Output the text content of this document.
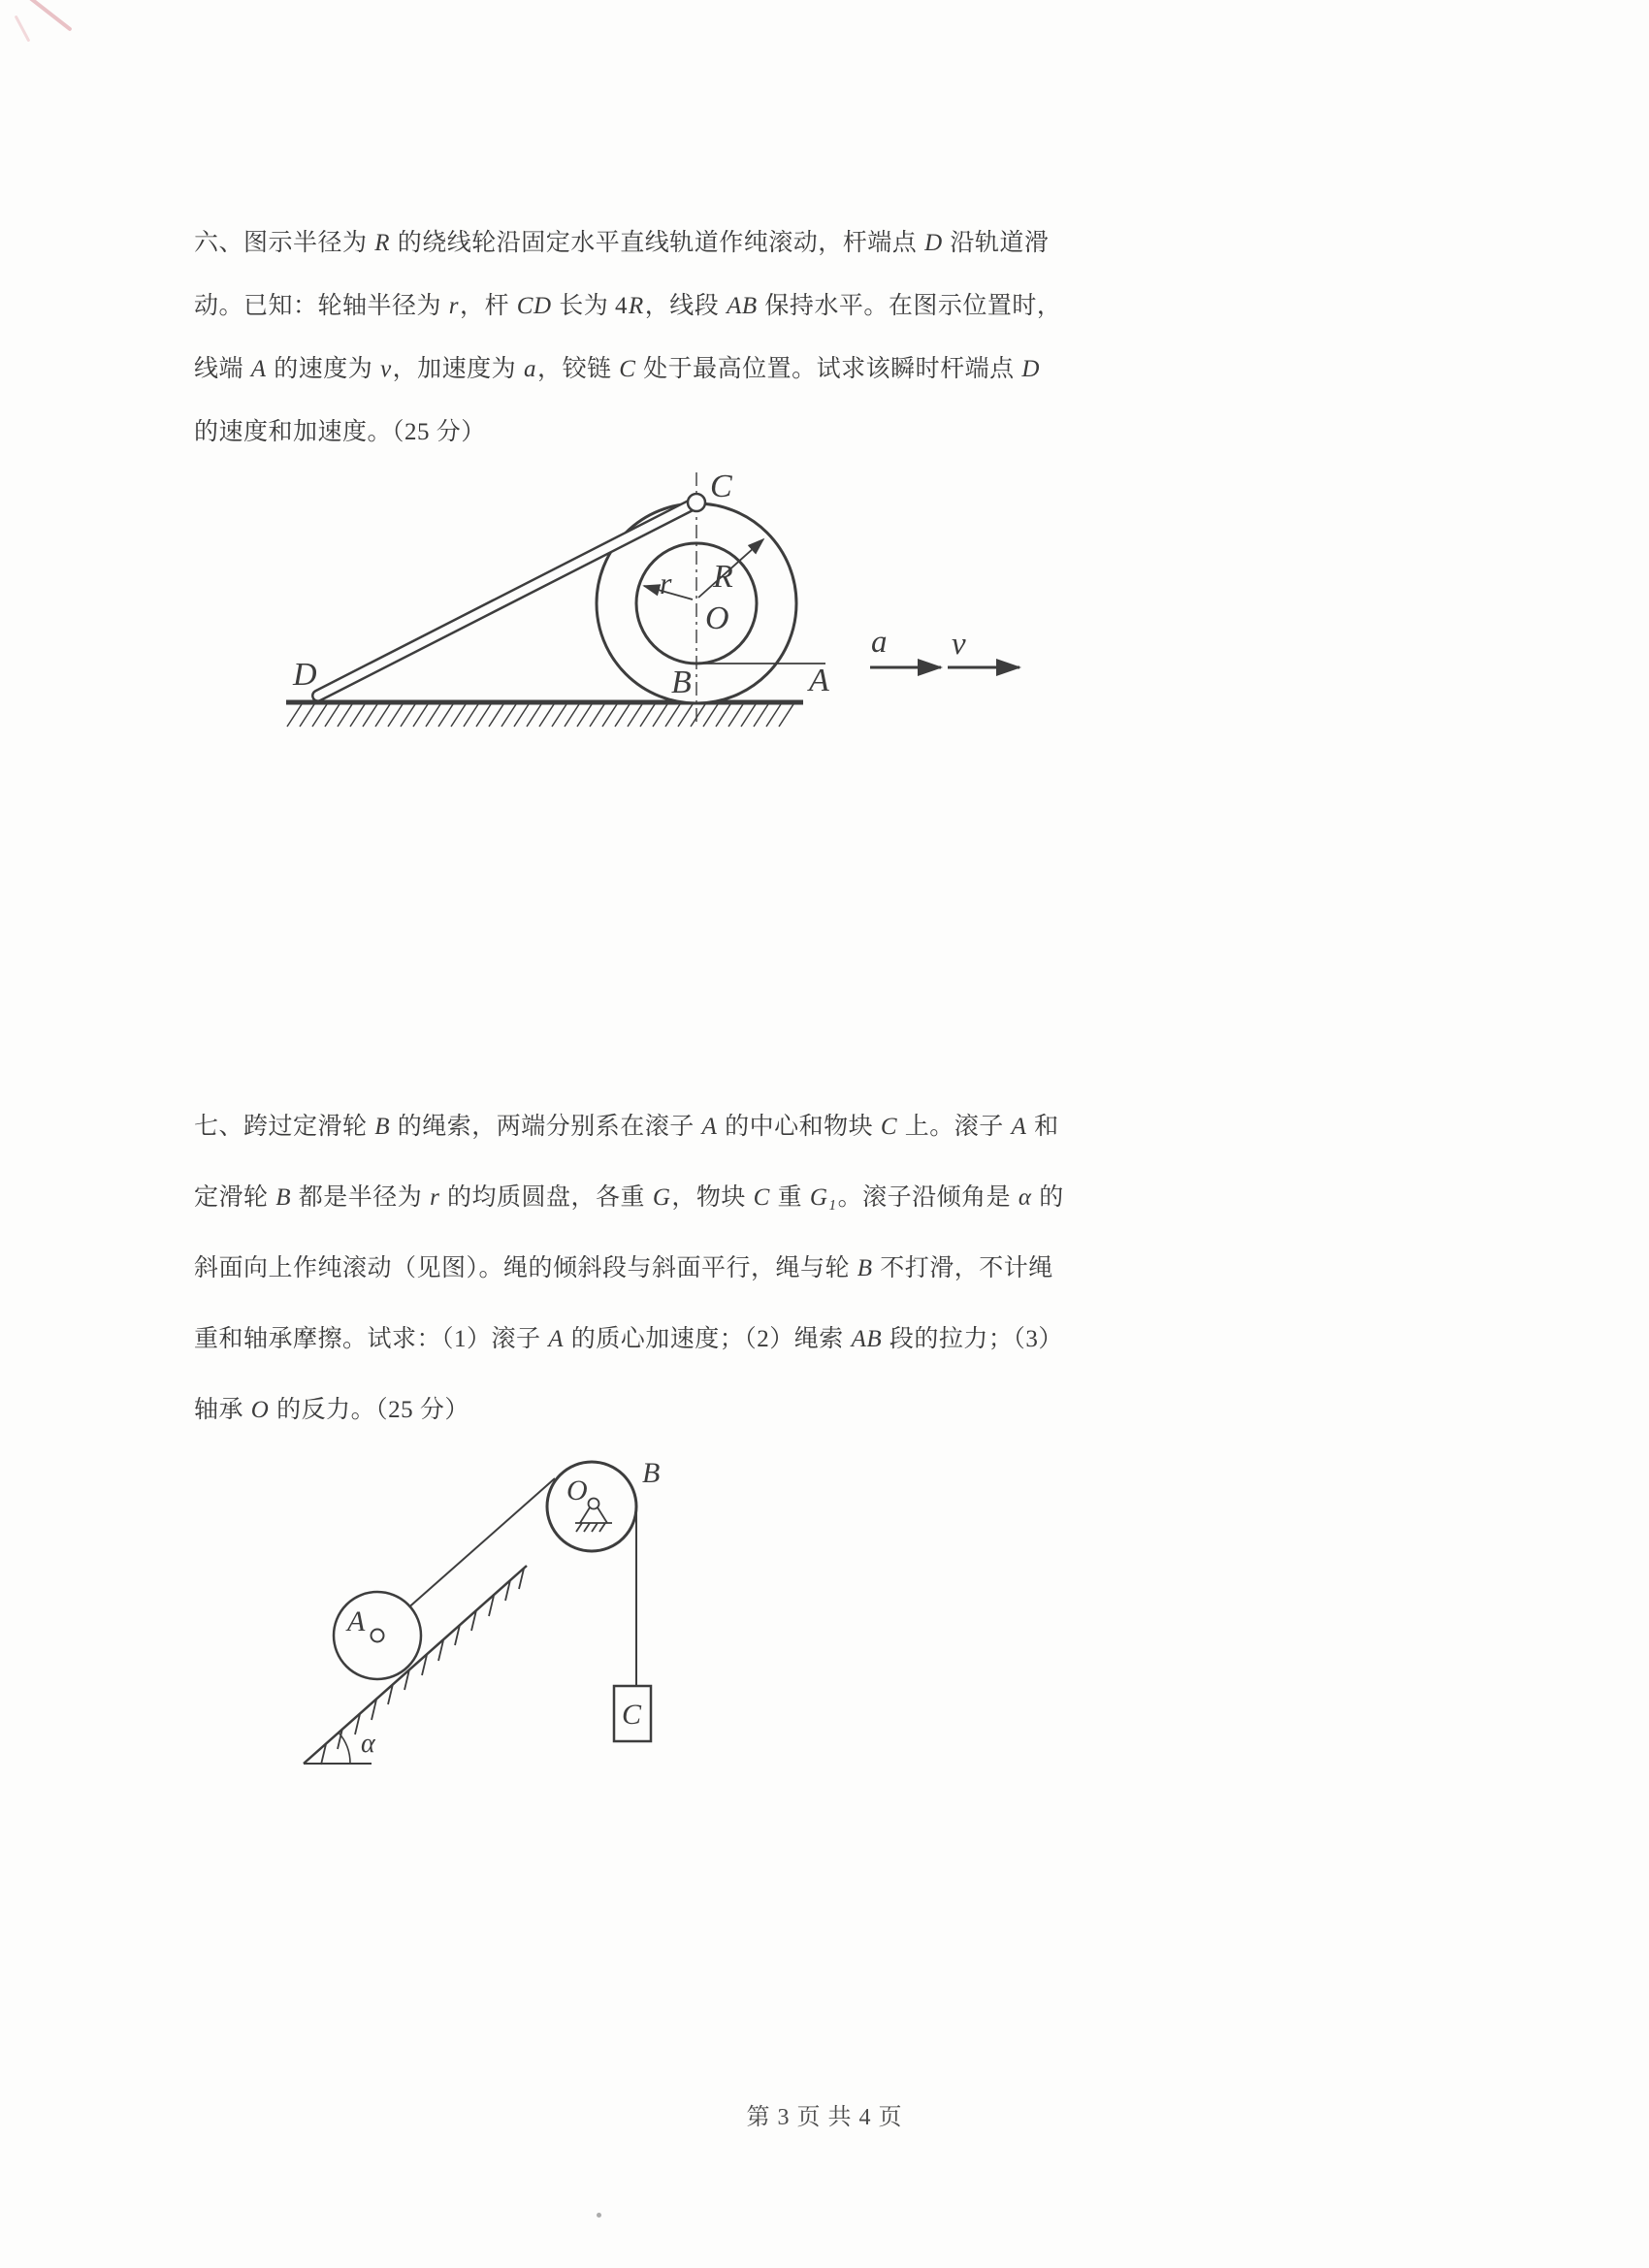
六、图示半径为 R 的绕线轮沿固定水平直线轨道作纯滚动，杆端点 D 沿轨道滑
动。已知：轮轴半径为 r，杆 CD 长为 4R，线段 AB 保持水平。在图示位置时，
线端 A 的速度为 v，加速度为 a，铰链 C 处于最高位置。试求该瞬时杆端点 D
的速度和加速度。（25 分）
C
R
r
O
B	A
D
a v
七、跨过定滑轮 B 的绳索，两端分别系在滚子 A 的中心和物块 C 上。滚子 A 和
定滑轮 B 都是半径为 r 的均质圆盘，各重 G，物块 C 重 G₁。滚子沿倾角是 α 的
斜面向上作纯滚动（见图）。绳的倾斜段与斜面平行，绳与轮 B 不打滑，不计绳
重和轴承摩擦。试求：（1）滚子 A 的质心加速度；（2）绳索 AB 段的拉力；（3）
轴承 O 的反力。（25 分）
B
O
A
C
α
第 3 页 共 4 页
